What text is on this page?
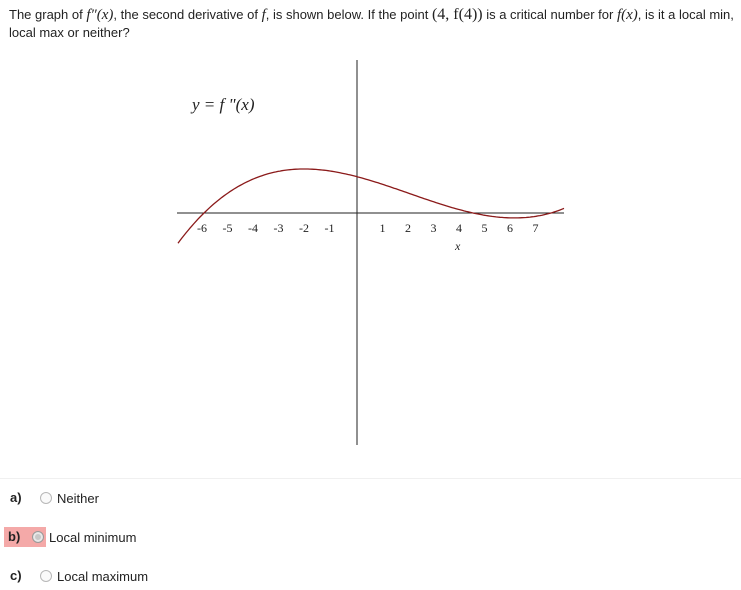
The graph of f″(x), the second derivative of f, is shown below. If the point (4, f(4)) is a critical number for f(x), is it a local min, local max or neither?
y = f "(x)
x
-6 -5 -4 -3 -2 -1	1 2 3 4 5 6 7
a)	Neither
b)	Local minimum
c)	Local maximum
